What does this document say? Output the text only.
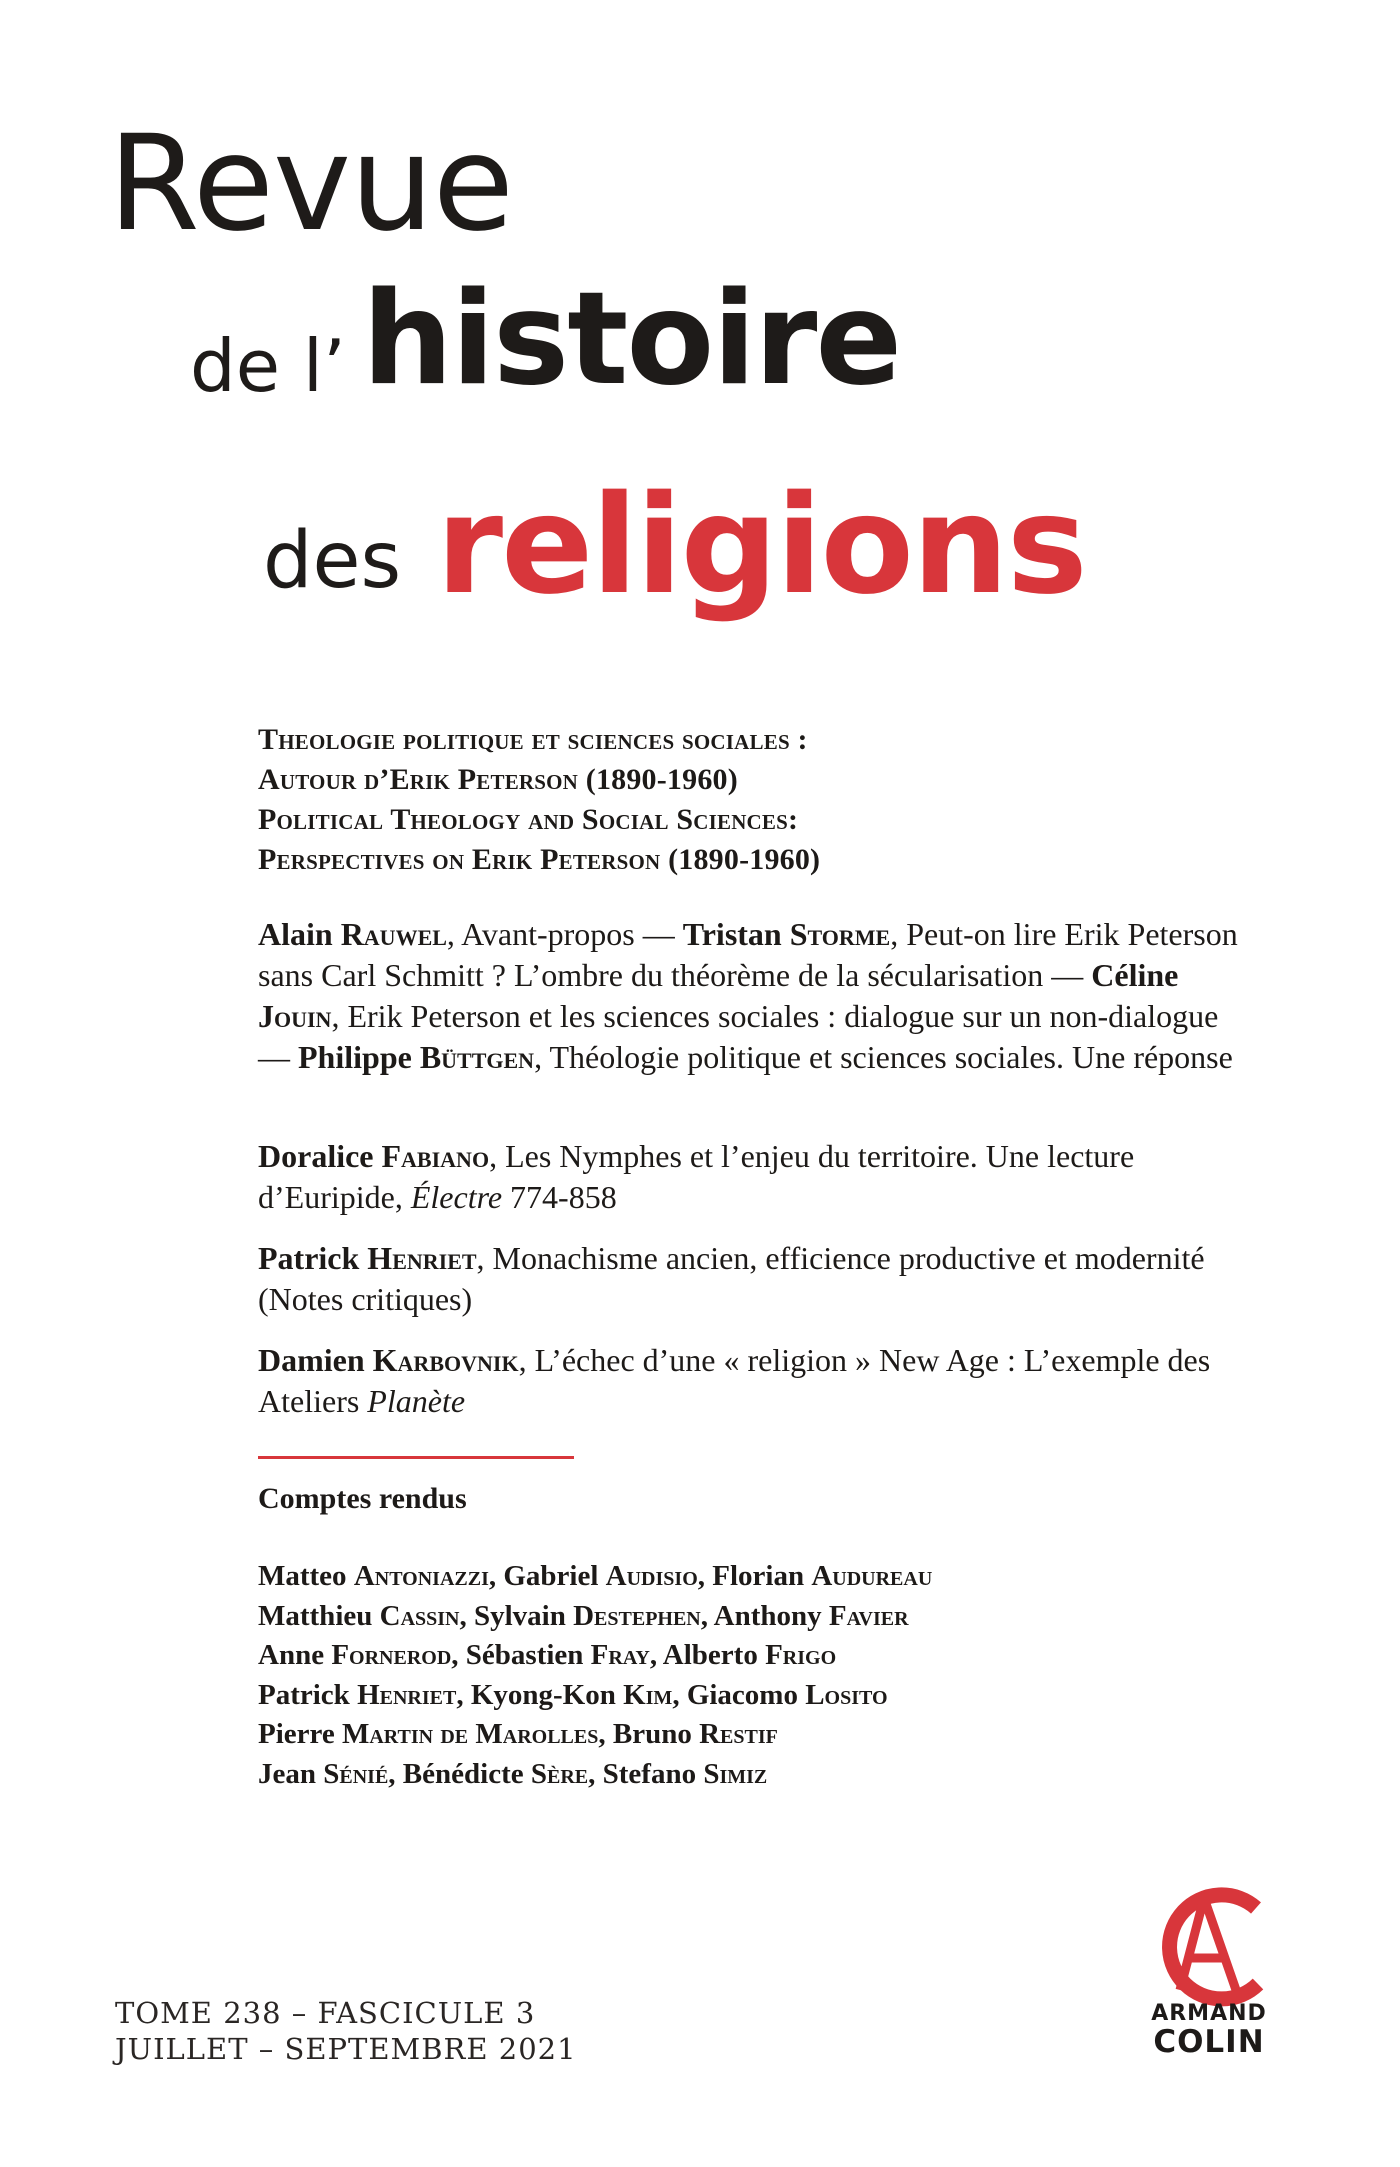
Revue
de l’ histoire
des religions
Theologie politique et sciences sociales :
Autour d’Erik Peterson (1890-1960)
Political Theology and Social Sciences:
Perspectives on Erik Peterson (1890-1960)

Alain Rauwel, Avant-propos — Tristan Storme, Peut-on lire Erik Peterson sans Carl Schmitt ? L’ombre du théorème de la sécularisation — Céline Jouin, Erik Peterson et les sciences sociales : dialogue sur un non-dialogue — Philippe Büttgen, Théologie politique et sciences sociales. Une réponse

Doralice Fabiano, Les Nymphes et l’enjeu du territoire. Une lecture d’Euripide, Électre 774-858

Patrick Henriet, Monachisme ancien, efficience productive et modernité (Notes critiques)

Damien Karbovnik, L’échec d’une « religion » New Age : L’exemple des Ateliers Planète

Comptes rendus
Matteo Antoniazzi, Gabriel Audisio, Florian Audureau
Matthieu Cassin, Sylvain Destephen, Anthony Favier
Anne Fornerod, Sébastien Fray, Alberto Frigo
Patrick Henriet, Kyong-Kon Kim, Giacomo Losito
Pierre Martin de Marolles, Bruno Restif
Jean Sénié, Bénédicte Sère, Stefano Simiz
TOME 238 – FASCICULE 3
JUILLET – SEPTEMBRE 2021
ARMAND
COLIN
